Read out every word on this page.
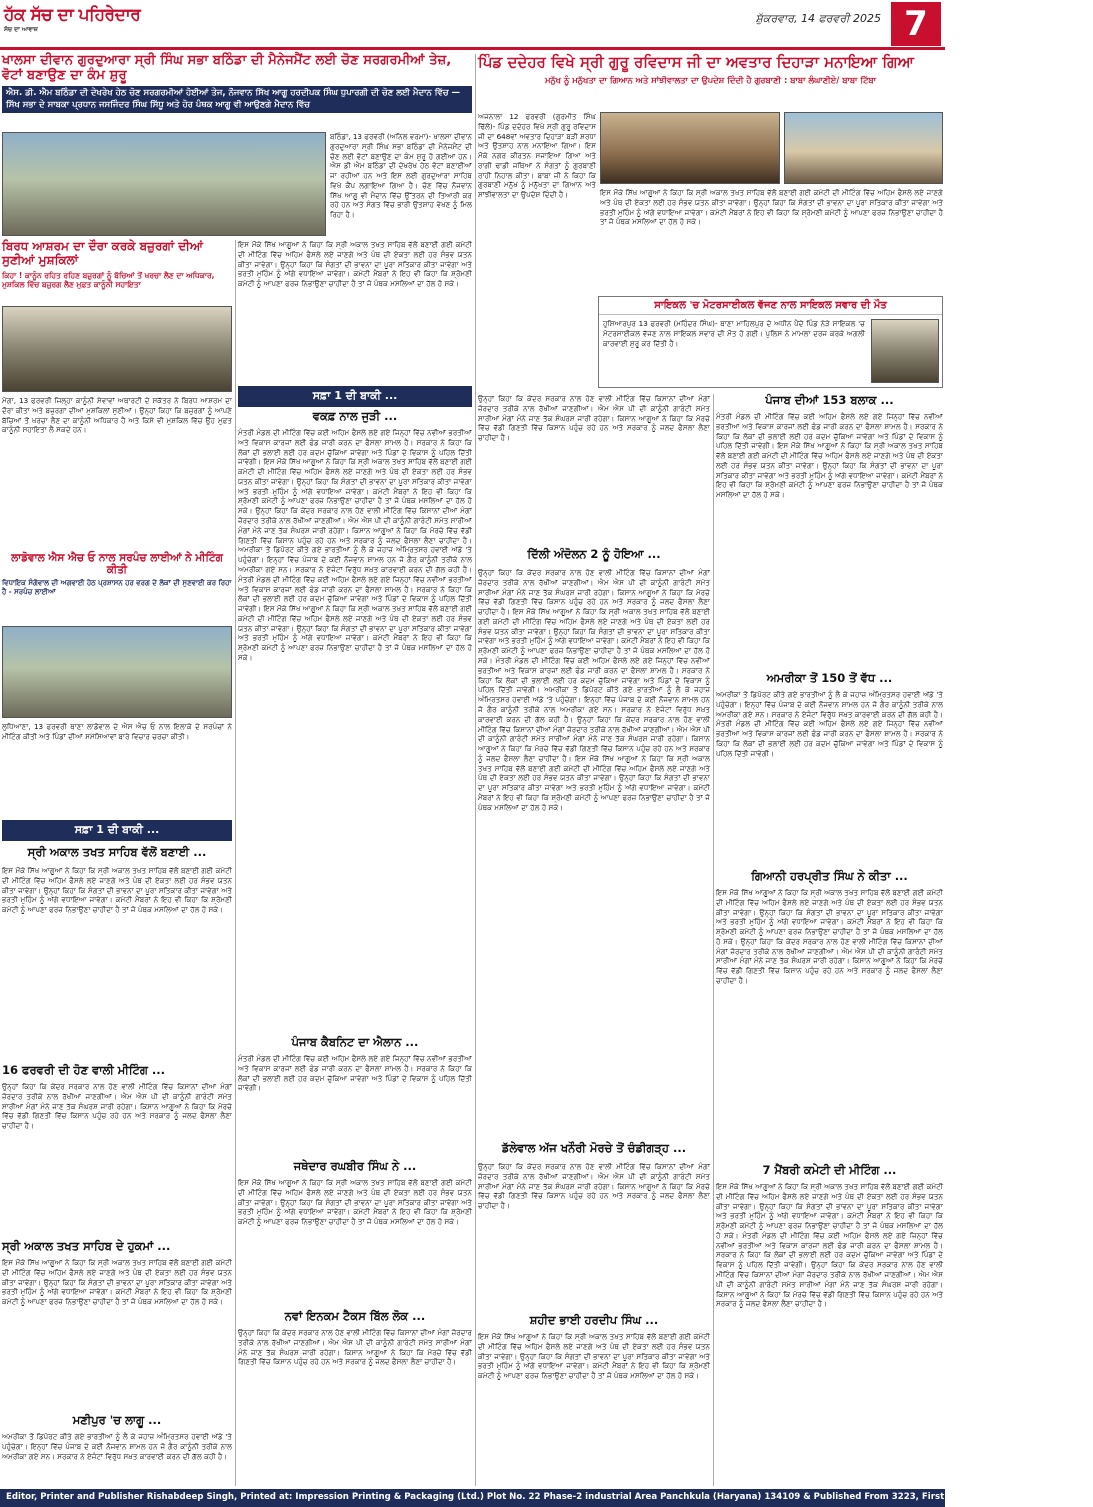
ਹੱਕ ਸੱਚ ਦਾ ਪਹਿਰੇਦਾਰ
ਸੱਚ ਦਾ ਆਵਾਜ਼
ਸ਼ੁੱਕਰਵਾਰ, 14 ਫਰਵਰੀ 2025 7
ਖਾਲਸਾ ਦੀਵਾਨ ਗੁਰਦੁਆਰਾ ਸ੍ਰੀ ਸਿੰਘ ਸਭਾ ਬਠਿੰਡਾ ਦੀ ਮੈਨੇਜਮੈਂਟ ਲਈ ਚੋਣ ਸਰਗਰਮੀਆਂ ਤੇਜ਼, ਵੋਟਾਂ ਬਣਾਉਣ ਦਾ ਕੰਮ ਸ਼ੁਰੂ
ਐਸ. ਡੀ. ਐਮ ਬਠਿੰਡਾ ਦੀ ਦੇਖਰੇਖ ਹੇਠ ਚੋਣ ਸਰਗਰਮੀਆਂ ਹੋਈਆਂ ਤੇਜ, ਨੌਜਵਾਨ ਸਿੱਖ ਆਗੂ ਹਰਦੀਪਕ ਸਿੰਘ ਧੁਪਾਰਗੀ ਦੀ ਚੋਣ ਲਈ ਮੈਦਾਨ ਵਿੱਚ — ਸਿੱਖ ਸਭਾ ਦੇ ਸਾਬਕਾ ਪ੍ਰਧਾਨ ਜਸਜਿੰਦਰ ਸਿੰਘ ਸਿੱਧੂ ਅਤੇ ਹੋਰ ਪੰਥਕ ਆਗੂ ਵੀ ਆਉਣਗੇ ਮੈਦਾਨ ਵਿੱਚ
ਬਠਿੰਡਾ, 13 ਫਰਵਰੀ (ਅਨਿਲ ਵਰਮਾ)- ਖਾਲਸਾ ਦੀਵਾਨ ਗੁਰਦੁਆਰਾ ਸ੍ਰੀ ਸਿੰਘ ਸਭਾ ਬਠਿੰਡਾ ਦੀ ਮੈਨੇਜਮੈਂਟ ਦੀ ਚੋਣ ਲਈ ਵੋਟਾਂ ਬਣਾਉਣ ਦਾ ਕੰਮ ਸ਼ੁਰੂ ਹੋ ਗਈਆਂ ਹਨ। ਐਸ ਡੀ ਐਮ ਬਠਿੰਡਾ ਦੀ ਦੇਖਰੇਖ ਹੇਠ ਵੋਟਾਂ ਬਣਾਈਆਂ ਜਾ ਰਹੀਆਂ ਹਨ ਅਤੇ ਇਸ ਲਈ ਗੁਰਦੁਆਰਾ ਸਾਹਿਬ ਵਿਖੇ ਕੈਂਪ ਲਗਾਇਆ ਗਿਆ ਹੈ। ਚੋਣ ਵਿੱਚ ਨੌਜਵਾਨ ਸਿੱਖ ਆਗੂ ਵੀ ਮੈਦਾਨ ਵਿੱਚ ਉੱਤਰਨ ਦੀ ਤਿਆਰੀ ਕਰ ਰਹੇ ਹਨ ਅਤੇ ਸੰਗਤ ਵਿੱਚ ਭਾਰੀ ਉਤਸ਼ਾਹ ਵੇਖਣ ਨੂੰ ਮਿਲ ਰਿਹਾ ਹੈ।
ਪਿੰਡ ਦਦੇਹਰ ਵਿਖੇ ਸ੍ਰੀ ਗੁਰੂ ਰਵਿਦਾਸ ਜੀ ਦਾ ਅਵਤਾਰ ਦਿਹਾੜਾ ਮਨਾਇਆ ਗਿਆ
ਮਨੁੱਖ ਨੂੰ ਮਨੁੱਖਤਾ ਦਾ ਗਿਆਨ ਅਤੇ ਸਾਂਝੀਵਾਲਤਾ ਦਾ ਉਪਦੇਸ਼ ਦਿੰਦੀ ਹੈ ਗੁਰਬਾਣੀ : ਬਾਬਾ ਲੰਘਾਣੀਏ/ ਬਾਬਾ ਟਿੱਬਾ
ਅਜਨਾਲਾ 12 ਫਰਵਰੀ (ਗੁਰਮੀਤ ਸਿੰਘ ਢਿੱਲੋਂ)- ਪਿੰਡ ਦਦੇਹਰ ਵਿਖੇ ਸ੍ਰੀ ਗੁਰੂ ਰਵਿਦਾਸ ਜੀ ਦਾ 648ਵਾਂ ਅਵਤਾਰ ਦਿਹਾੜਾ ਬੜੀ ਸ਼ਰਧਾ ਅਤੇ ਉਤਸ਼ਾਹ ਨਾਲ ਮਨਾਇਆ ਗਿਆ। ਇਸ ਮੌਕੇ ਨਗਰ ਕੀਰਤਨ ਸਜਾਇਆ ਗਿਆ ਅਤੇ ਰਾਗੀ ਢਾਡੀ ਜਥਿਆਂ ਨੇ ਸੰਗਤਾਂ ਨੂੰ ਗੁਰਬਾਣੀ ਰਾਹੀਂ ਨਿਹਾਲ ਕੀਤਾ। ਬਾਬਾ ਜੀ ਨੇ ਕਿਹਾ ਕਿ ਗੁਰਬਾਣੀ ਮਨੁੱਖ ਨੂੰ ਮਨੁੱਖਤਾ ਦਾ ਗਿਆਨ ਅਤੇ ਸਾਂਝੀਵਾਲਤਾ ਦਾ ਉਪਦੇਸ਼ ਦਿੰਦੀ ਹੈ।	ਇਸ ਮੌਕੇ ਸਿੱਖ ਆਗੂਆਂ ਨੇ ਕਿਹਾ ਕਿ ਸ੍ਰੀ ਅਕਾਲ ਤਖਤ ਸਾਹਿਬ ਵੱਲੋਂ ਬਣਾਈ ਗਈ ਕਮੇਟੀ ਦੀ ਮੀਟਿੰਗ ਵਿੱਚ ਅਹਿਮ ਫੈਸਲੇ ਲਏ ਜਾਣਗੇ ਅਤੇ ਪੰਥ ਦੀ ਏਕਤਾ ਲਈ ਹਰ ਸੰਭਵ ਯਤਨ ਕੀਤਾ ਜਾਵੇਗਾ। ਉਨ੍ਹਾਂ ਕਿਹਾ ਕਿ ਸੰਗਤਾਂ ਦੀ ਭਾਵਨਾ ਦਾ ਪੂਰਾ ਸਤਿਕਾਰ ਕੀਤਾ ਜਾਵੇਗਾ ਅਤੇ ਭਰਤੀ ਮੁਹਿੰਮ ਨੂੰ ਅੱਗੇ ਵਧਾਇਆ ਜਾਵੇਗਾ। ਕਮੇਟੀ ਮੈਂਬਰਾਂ ਨੇ ਇਹ ਵੀ ਕਿਹਾ ਕਿ ਸ਼੍ਰੋਮਣੀ ਕਮੇਟੀ ਨੂੰ ਆਪਣਾ ਫਰਜ਼ ਨਿਭਾਉਣਾ ਚਾਹੀਦਾ ਹੈ ਤਾਂ ਜੋ ਪੰਥਕ ਮਸਲਿਆਂ ਦਾ ਹੱਲ ਹੋ ਸਕੇ।
ਸਾਇਕਲ 'ਚ ਮੋਟਰਸਾਈਕਲ ਵੱਜਣ ਨਾਲ ਸਾਇਕਲ ਸਵਾਰ ਦੀ ਮੌਤ
ਹੁਸ਼ਿਆਰਪੁਰ 13 ਫਰਵਰੀ (ਮਹਿੰਦਰ ਸਿੰਘ)- ਥਾਣਾ ਮਾਹਿਲਪੁਰ ਦੇ ਅਧੀਨ ਪੈਂਦੇ ਪਿੰਡ ਨੇੜੇ ਸਾਇਕਲ 'ਚ ਮੋਟਰਸਾਈਕਲ ਵੱਜਣ ਨਾਲ ਸਾਇਕਲ ਸਵਾਰ ਦੀ ਮੌਤ ਹੋ ਗਈ। ਪੁਲਿਸ ਨੇ ਮਾਮਲਾ ਦਰਜ ਕਰਕੇ ਅਗਲੀ ਕਾਰਵਾਈ ਸ਼ੁਰੂ ਕਰ ਦਿੱਤੀ ਹੈ।
ਬਿਰਧ ਆਸ਼ਰਮ ਦਾ ਦੌਰਾ ਕਰਕੇ ਬਜ਼ੁਰਗਾਂ ਦੀਆਂ ਸੁਣੀਆਂ ਮੁਸ਼ਕਿਲਾਂ
ਕਿਹਾ ! ਕਾਨੂੰਨ ਰਹਿਤ ਰਹਿਣ ਬਜ਼ੁਰਗਾਂ ਨੂੰ ਬੱਚਿਆਂ ਤੋਂ ਖਰਚਾ ਲੈਣ ਦਾ ਅਧਿਕਾਰ, ਮੁਸ਼ਕਿਲ ਵਿੱਚ ਬਜ਼ੁਰਗ ਲੈਣ ਮੁਫ਼ਤ ਕਾਨੂੰਨੀ ਸਹਾਇਤਾ
ਮੋਗਾ, 13 ਫਰਵਰੀ ਜਿਲ੍ਹਾ ਕਾਨੂੰਨੀ ਸੇਵਾਵਾਂ ਅਥਾਰਟੀ ਦੇ ਸਕੱਤਰ ਨੇ ਬਿਰਧ ਆਸ਼ਰਮ ਦਾ ਦੌਰਾ ਕੀਤਾ ਅਤੇ ਬਜ਼ੁਰਗਾਂ ਦੀਆਂ ਮੁਸ਼ਕਿਲਾਂ ਸੁਣੀਆਂ। ਉਨ੍ਹਾਂ ਕਿਹਾ ਕਿ ਬਜ਼ੁਰਗਾਂ ਨੂੰ ਆਪਣੇ ਬੱਚਿਆਂ ਤੋਂ ਖਰਚਾ ਲੈਣ ਦਾ ਕਾਨੂੰਨੀ ਅਧਿਕਾਰ ਹੈ ਅਤੇ ਕਿਸੇ ਵੀ ਮੁਸ਼ਕਿਲ ਵਿੱਚ ਉਹ ਮੁਫ਼ਤ ਕਾਨੂੰਨੀ ਸਹਾਇਤਾ ਲੈ ਸਕਦੇ ਹਨ।
ਲਾਡੋਵਾਲ ਐਸ ਐਚ ਓ ਨਾਲ ਸਰਪੰਚ ਲਾਈਆਂ ਨੇ ਮੀਟਿੰਗ ਕੀਤੀ
ਵਿਧਾਇਕ ਸੰਗੋਵਾਲ ਦੀ ਅਗਵਾਈ ਹੇਠ ਪ੍ਰਸ਼ਾਸਨ ਹਰ ਵਰਗ ਦੇ ਲੋਕਾਂ ਦੀ ਸੁਣਵਾਈ ਕਰ ਰਿਹਾ ਹੈ - ਸਰਪੰਚ ਲਾਈਆਂ
ਲੁਧਿਆਣਾ, 13 ਫਰਵਰੀ ਥਾਣਾ ਲਾਡੋਵਾਲ ਦੇ ਐਸ ਐਚ ਓ ਨਾਲ ਇਲਾਕੇ ਦੇ ਸਰਪੰਚਾਂ ਨੇ ਮੀਟਿੰਗ ਕੀਤੀ ਅਤੇ ਪਿੰਡਾਂ ਦੀਆਂ ਸਮੱਸਿਆਵਾਂ ਬਾਰੇ ਵਿਚਾਰ ਚਰਚਾ ਕੀਤੀ।
ਸਫ਼ਾ 1 ਦੀ ਬਾਕੀ ...
ਸ੍ਰੀ ਅਕਾਲ ਤਖਤ ਸਾਹਿਬ ਵੱਲੋਂ ਬਣਾਈ ...
ਇਸ ਮੌਕੇ ਸਿੱਖ ਆਗੂਆਂ ਨੇ ਕਿਹਾ ਕਿ ਸ੍ਰੀ ਅਕਾਲ ਤਖਤ ਸਾਹਿਬ ਵੱਲੋਂ ਬਣਾਈ ਗਈ ਕਮੇਟੀ ਦੀ ਮੀਟਿੰਗ ਵਿੱਚ ਅਹਿਮ ਫੈਸਲੇ ਲਏ ਜਾਣਗੇ ਅਤੇ ਪੰਥ ਦੀ ਏਕਤਾ ਲਈ ਹਰ ਸੰਭਵ ਯਤਨ ਕੀਤਾ ਜਾਵੇਗਾ। ਉਨ੍ਹਾਂ ਕਿਹਾ ਕਿ ਸੰਗਤਾਂ ਦੀ ਭਾਵਨਾ ਦਾ ਪੂਰਾ ਸਤਿਕਾਰ ਕੀਤਾ ਜਾਵੇਗਾ ਅਤੇ ਭਰਤੀ ਮੁਹਿੰਮ ਨੂੰ ਅੱਗੇ ਵਧਾਇਆ ਜਾਵੇਗਾ। ਕਮੇਟੀ ਮੈਂਬਰਾਂ ਨੇ ਇਹ ਵੀ ਕਿਹਾ ਕਿ ਸ਼੍ਰੋਮਣੀ ਕਮੇਟੀ ਨੂੰ ਆਪਣਾ ਫਰਜ਼ ਨਿਭਾਉਣਾ ਚਾਹੀਦਾ ਹੈ ਤਾਂ ਜੋ ਪੰਥਕ ਮਸਲਿਆਂ ਦਾ ਹੱਲ ਹੋ ਸਕੇ।
16 ਫਰਵਰੀ ਦੀ ਹੋਣ ਵਾਲੀ ਮੀਟਿੰਗ ...
ਉਨ੍ਹਾਂ ਕਿਹਾ ਕਿ ਕੇਂਦਰ ਸਰਕਾਰ ਨਾਲ ਹੋਣ ਵਾਲੀ ਮੀਟਿੰਗ ਵਿੱਚ ਕਿਸਾਨਾਂ ਦੀਆਂ ਮੰਗਾਂ ਜ਼ੋਰਦਾਰ ਤਰੀਕੇ ਨਾਲ ਰੱਖੀਆਂ ਜਾਣਗੀਆਂ। ਐਮ ਐਸ ਪੀ ਦੀ ਕਾਨੂੰਨੀ ਗਾਰੰਟੀ ਸਮੇਤ ਸਾਰੀਆਂ ਮੰਗਾਂ ਮੰਨੇ ਜਾਣ ਤੱਕ ਸੰਘਰਸ਼ ਜਾਰੀ ਰਹੇਗਾ। ਕਿਸਾਨ ਆਗੂਆਂ ਨੇ ਕਿਹਾ ਕਿ ਮੋਰਚੇ ਵਿੱਚ ਵੱਡੀ ਗਿਣਤੀ ਵਿੱਚ ਕਿਸਾਨ ਪਹੁੰਚ ਰਹੇ ਹਨ ਅਤੇ ਸਰਕਾਰ ਨੂੰ ਜਲਦ ਫੈਸਲਾ ਲੈਣਾ ਚਾਹੀਦਾ ਹੈ।
ਸ੍ਰੀ ਅਕਾਲ ਤਖਤ ਸਾਹਿਬ ਦੇ ਹੁਕਮਾਂ ...
ਇਸ ਮੌਕੇ ਸਿੱਖ ਆਗੂਆਂ ਨੇ ਕਿਹਾ ਕਿ ਸ੍ਰੀ ਅਕਾਲ ਤਖਤ ਸਾਹਿਬ ਵੱਲੋਂ ਬਣਾਈ ਗਈ ਕਮੇਟੀ ਦੀ ਮੀਟਿੰਗ ਵਿੱਚ ਅਹਿਮ ਫੈਸਲੇ ਲਏ ਜਾਣਗੇ ਅਤੇ ਪੰਥ ਦੀ ਏਕਤਾ ਲਈ ਹਰ ਸੰਭਵ ਯਤਨ ਕੀਤਾ ਜਾਵੇਗਾ। ਉਨ੍ਹਾਂ ਕਿਹਾ ਕਿ ਸੰਗਤਾਂ ਦੀ ਭਾਵਨਾ ਦਾ ਪੂਰਾ ਸਤਿਕਾਰ ਕੀਤਾ ਜਾਵੇਗਾ ਅਤੇ ਭਰਤੀ ਮੁਹਿੰਮ ਨੂੰ ਅੱਗੇ ਵਧਾਇਆ ਜਾਵੇਗਾ। ਕਮੇਟੀ ਮੈਂਬਰਾਂ ਨੇ ਇਹ ਵੀ ਕਿਹਾ ਕਿ ਸ਼੍ਰੋਮਣੀ ਕਮੇਟੀ ਨੂੰ ਆਪਣਾ ਫਰਜ਼ ਨਿਭਾਉਣਾ ਚਾਹੀਦਾ ਹੈ ਤਾਂ ਜੋ ਪੰਥਕ ਮਸਲਿਆਂ ਦਾ ਹੱਲ ਹੋ ਸਕੇ।
ਮਣੀਪੁਰ 'ਚ ਲਾਗੂ ...
ਅਮਰੀਕਾ ਤੋਂ ਡਿਪੋਰਟ ਕੀਤੇ ਗਏ ਭਾਰਤੀਆਂ ਨੂੰ ਲੈ ਕੇ ਜਹਾਜ਼ ਅੰਮ੍ਰਿਤਸਰ ਹਵਾਈ ਅੱਡੇ 'ਤੇ ਪਹੁੰਚੇਗਾ। ਇਨ੍ਹਾਂ ਵਿੱਚ ਪੰਜਾਬ ਦੇ ਕਈ ਨੌਜਵਾਨ ਸ਼ਾਮਲ ਹਨ ਜੋ ਗੈਰ ਕਾਨੂੰਨੀ ਤਰੀਕੇ ਨਾਲ ਅਮਰੀਕਾ ਗਏ ਸਨ। ਸਰਕਾਰ ਨੇ ਏਜੰਟਾਂ ਵਿਰੁੱਧ ਸਖ਼ਤ ਕਾਰਵਾਈ ਕਰਨ ਦੀ ਗੱਲ ਕਹੀ ਹੈ।
ਇਸ ਮੌਕੇ ਸਿੱਖ ਆਗੂਆਂ ਨੇ ਕਿਹਾ ਕਿ ਸ੍ਰੀ ਅਕਾਲ ਤਖਤ ਸਾਹਿਬ ਵੱਲੋਂ ਬਣਾਈ ਗਈ ਕਮੇਟੀ ਦੀ ਮੀਟਿੰਗ ਵਿੱਚ ਅਹਿਮ ਫੈਸਲੇ ਲਏ ਜਾਣਗੇ ਅਤੇ ਪੰਥ ਦੀ ਏਕਤਾ ਲਈ ਹਰ ਸੰਭਵ ਯਤਨ ਕੀਤਾ ਜਾਵੇਗਾ। ਉਨ੍ਹਾਂ ਕਿਹਾ ਕਿ ਸੰਗਤਾਂ ਦੀ ਭਾਵਨਾ ਦਾ ਪੂਰਾ ਸਤਿਕਾਰ ਕੀਤਾ ਜਾਵੇਗਾ ਅਤੇ ਭਰਤੀ ਮੁਹਿੰਮ ਨੂੰ ਅੱਗੇ ਵਧਾਇਆ ਜਾਵੇਗਾ। ਕਮੇਟੀ ਮੈਂਬਰਾਂ ਨੇ ਇਹ ਵੀ ਕਿਹਾ ਕਿ ਸ਼੍ਰੋਮਣੀ ਕਮੇਟੀ ਨੂੰ ਆਪਣਾ ਫਰਜ਼ ਨਿਭਾਉਣਾ ਚਾਹੀਦਾ ਹੈ ਤਾਂ ਜੋ ਪੰਥਕ ਮਸਲਿਆਂ ਦਾ ਹੱਲ ਹੋ ਸਕੇ।
ਸਫ਼ਾ 1 ਦੀ ਬਾਕੀ ...
ਵਕਫ਼ ਨਾਲ ਜੁੜੀ ...
ਮੰਤਰੀ ਮੰਡਲ ਦੀ ਮੀਟਿੰਗ ਵਿੱਚ ਕਈ ਅਹਿਮ ਫੈਸਲੇ ਲਏ ਗਏ ਜਿਨ੍ਹਾਂ ਵਿੱਚ ਨਵੀਆਂ ਭਰਤੀਆਂ ਅਤੇ ਵਿਕਾਸ ਕਾਰਜਾਂ ਲਈ ਫੰਡ ਜਾਰੀ ਕਰਨ ਦਾ ਫੈਸਲਾ ਸ਼ਾਮਲ ਹੈ। ਸਰਕਾਰ ਨੇ ਕਿਹਾ ਕਿ ਲੋਕਾਂ ਦੀ ਭਲਾਈ ਲਈ ਹਰ ਕਦਮ ਚੁੱਕਿਆ ਜਾਵੇਗਾ ਅਤੇ ਪਿੰਡਾਂ ਦੇ ਵਿਕਾਸ ਨੂੰ ਪਹਿਲ ਦਿੱਤੀ ਜਾਵੇਗੀ। ਇਸ ਮੌਕੇ ਸਿੱਖ ਆਗੂਆਂ ਨੇ ਕਿਹਾ ਕਿ ਸ੍ਰੀ ਅਕਾਲ ਤਖਤ ਸਾਹਿਬ ਵੱਲੋਂ ਬਣਾਈ ਗਈ ਕਮੇਟੀ ਦੀ ਮੀਟਿੰਗ ਵਿੱਚ ਅਹਿਮ ਫੈਸਲੇ ਲਏ ਜਾਣਗੇ ਅਤੇ ਪੰਥ ਦੀ ਏਕਤਾ ਲਈ ਹਰ ਸੰਭਵ ਯਤਨ ਕੀਤਾ ਜਾਵੇਗਾ। ਉਨ੍ਹਾਂ ਕਿਹਾ ਕਿ ਸੰਗਤਾਂ ਦੀ ਭਾਵਨਾ ਦਾ ਪੂਰਾ ਸਤਿਕਾਰ ਕੀਤਾ ਜਾਵੇਗਾ ਅਤੇ ਭਰਤੀ ਮੁਹਿੰਮ ਨੂੰ ਅੱਗੇ ਵਧਾਇਆ ਜਾਵੇਗਾ। ਕਮੇਟੀ ਮੈਂਬਰਾਂ ਨੇ ਇਹ ਵੀ ਕਿਹਾ ਕਿ ਸ਼੍ਰੋਮਣੀ ਕਮੇਟੀ ਨੂੰ ਆਪਣਾ ਫਰਜ਼ ਨਿਭਾਉਣਾ ਚਾਹੀਦਾ ਹੈ ਤਾਂ ਜੋ ਪੰਥਕ ਮਸਲਿਆਂ ਦਾ ਹੱਲ ਹੋ ਸਕੇ। ਉਨ੍ਹਾਂ ਕਿਹਾ ਕਿ ਕੇਂਦਰ ਸਰਕਾਰ ਨਾਲ ਹੋਣ ਵਾਲੀ ਮੀਟਿੰਗ ਵਿੱਚ ਕਿਸਾਨਾਂ ਦੀਆਂ ਮੰਗਾਂ ਜ਼ੋਰਦਾਰ ਤਰੀਕੇ ਨਾਲ ਰੱਖੀਆਂ ਜਾਣਗੀਆਂ। ਐਮ ਐਸ ਪੀ ਦੀ ਕਾਨੂੰਨੀ ਗਾਰੰਟੀ ਸਮੇਤ ਸਾਰੀਆਂ ਮੰਗਾਂ ਮੰਨੇ ਜਾਣ ਤੱਕ ਸੰਘਰਸ਼ ਜਾਰੀ ਰਹੇਗਾ। ਕਿਸਾਨ ਆਗੂਆਂ ਨੇ ਕਿਹਾ ਕਿ ਮੋਰਚੇ ਵਿੱਚ ਵੱਡੀ ਗਿਣਤੀ ਵਿੱਚ ਕਿਸਾਨ ਪਹੁੰਚ ਰਹੇ ਹਨ ਅਤੇ ਸਰਕਾਰ ਨੂੰ ਜਲਦ ਫੈਸਲਾ ਲੈਣਾ ਚਾਹੀਦਾ ਹੈ। ਅਮਰੀਕਾ ਤੋਂ ਡਿਪੋਰਟ ਕੀਤੇ ਗਏ ਭਾਰਤੀਆਂ ਨੂੰ ਲੈ ਕੇ ਜਹਾਜ਼ ਅੰਮ੍ਰਿਤਸਰ ਹਵਾਈ ਅੱਡੇ 'ਤੇ ਪਹੁੰਚੇਗਾ। ਇਨ੍ਹਾਂ ਵਿੱਚ ਪੰਜਾਬ ਦੇ ਕਈ ਨੌਜਵਾਨ ਸ਼ਾਮਲ ਹਨ ਜੋ ਗੈਰ ਕਾਨੂੰਨੀ ਤਰੀਕੇ ਨਾਲ ਅਮਰੀਕਾ ਗਏ ਸਨ। ਸਰਕਾਰ ਨੇ ਏਜੰਟਾਂ ਵਿਰੁੱਧ ਸਖ਼ਤ ਕਾਰਵਾਈ ਕਰਨ ਦੀ ਗੱਲ ਕਹੀ ਹੈ। ਮੰਤਰੀ ਮੰਡਲ ਦੀ ਮੀਟਿੰਗ ਵਿੱਚ ਕਈ ਅਹਿਮ ਫੈਸਲੇ ਲਏ ਗਏ ਜਿਨ੍ਹਾਂ ਵਿੱਚ ਨਵੀਆਂ ਭਰਤੀਆਂ ਅਤੇ ਵਿਕਾਸ ਕਾਰਜਾਂ ਲਈ ਫੰਡ ਜਾਰੀ ਕਰਨ ਦਾ ਫੈਸਲਾ ਸ਼ਾਮਲ ਹੈ। ਸਰਕਾਰ ਨੇ ਕਿਹਾ ਕਿ ਲੋਕਾਂ ਦੀ ਭਲਾਈ ਲਈ ਹਰ ਕਦਮ ਚੁੱਕਿਆ ਜਾਵੇਗਾ ਅਤੇ ਪਿੰਡਾਂ ਦੇ ਵਿਕਾਸ ਨੂੰ ਪਹਿਲ ਦਿੱਤੀ ਜਾਵੇਗੀ। ਇਸ ਮੌਕੇ ਸਿੱਖ ਆਗੂਆਂ ਨੇ ਕਿਹਾ ਕਿ ਸ੍ਰੀ ਅਕਾਲ ਤਖਤ ਸਾਹਿਬ ਵੱਲੋਂ ਬਣਾਈ ਗਈ ਕਮੇਟੀ ਦੀ ਮੀਟਿੰਗ ਵਿੱਚ ਅਹਿਮ ਫੈਸਲੇ ਲਏ ਜਾਣਗੇ ਅਤੇ ਪੰਥ ਦੀ ਏਕਤਾ ਲਈ ਹਰ ਸੰਭਵ ਯਤਨ ਕੀਤਾ ਜਾਵੇਗਾ। ਉਨ੍ਹਾਂ ਕਿਹਾ ਕਿ ਸੰਗਤਾਂ ਦੀ ਭਾਵਨਾ ਦਾ ਪੂਰਾ ਸਤਿਕਾਰ ਕੀਤਾ ਜਾਵੇਗਾ ਅਤੇ ਭਰਤੀ ਮੁਹਿੰਮ ਨੂੰ ਅੱਗੇ ਵਧਾਇਆ ਜਾਵੇਗਾ। ਕਮੇਟੀ ਮੈਂਬਰਾਂ ਨੇ ਇਹ ਵੀ ਕਿਹਾ ਕਿ ਸ਼੍ਰੋਮਣੀ ਕਮੇਟੀ ਨੂੰ ਆਪਣਾ ਫਰਜ਼ ਨਿਭਾਉਣਾ ਚਾਹੀਦਾ ਹੈ ਤਾਂ ਜੋ ਪੰਥਕ ਮਸਲਿਆਂ ਦਾ ਹੱਲ ਹੋ ਸਕੇ।
ਪੰਜਾਬ ਕੈਬਨਿਟ ਦਾ ਐਲਾਨ ...
ਮੰਤਰੀ ਮੰਡਲ ਦੀ ਮੀਟਿੰਗ ਵਿੱਚ ਕਈ ਅਹਿਮ ਫੈਸਲੇ ਲਏ ਗਏ ਜਿਨ੍ਹਾਂ ਵਿੱਚ ਨਵੀਆਂ ਭਰਤੀਆਂ ਅਤੇ ਵਿਕਾਸ ਕਾਰਜਾਂ ਲਈ ਫੰਡ ਜਾਰੀ ਕਰਨ ਦਾ ਫੈਸਲਾ ਸ਼ਾਮਲ ਹੈ। ਸਰਕਾਰ ਨੇ ਕਿਹਾ ਕਿ ਲੋਕਾਂ ਦੀ ਭਲਾਈ ਲਈ ਹਰ ਕਦਮ ਚੁੱਕਿਆ ਜਾਵੇਗਾ ਅਤੇ ਪਿੰਡਾਂ ਦੇ ਵਿਕਾਸ ਨੂੰ ਪਹਿਲ ਦਿੱਤੀ ਜਾਵੇਗੀ।
ਜਥੇਦਾਰ ਰਘਬੀਰ ਸਿੰਘ ਨੇ ...
ਇਸ ਮੌਕੇ ਸਿੱਖ ਆਗੂਆਂ ਨੇ ਕਿਹਾ ਕਿ ਸ੍ਰੀ ਅਕਾਲ ਤਖਤ ਸਾਹਿਬ ਵੱਲੋਂ ਬਣਾਈ ਗਈ ਕਮੇਟੀ ਦੀ ਮੀਟਿੰਗ ਵਿੱਚ ਅਹਿਮ ਫੈਸਲੇ ਲਏ ਜਾਣਗੇ ਅਤੇ ਪੰਥ ਦੀ ਏਕਤਾ ਲਈ ਹਰ ਸੰਭਵ ਯਤਨ ਕੀਤਾ ਜਾਵੇਗਾ। ਉਨ੍ਹਾਂ ਕਿਹਾ ਕਿ ਸੰਗਤਾਂ ਦੀ ਭਾਵਨਾ ਦਾ ਪੂਰਾ ਸਤਿਕਾਰ ਕੀਤਾ ਜਾਵੇਗਾ ਅਤੇ ਭਰਤੀ ਮੁਹਿੰਮ ਨੂੰ ਅੱਗੇ ਵਧਾਇਆ ਜਾਵੇਗਾ। ਕਮੇਟੀ ਮੈਂਬਰਾਂ ਨੇ ਇਹ ਵੀ ਕਿਹਾ ਕਿ ਸ਼੍ਰੋਮਣੀ ਕਮੇਟੀ ਨੂੰ ਆਪਣਾ ਫਰਜ਼ ਨਿਭਾਉਣਾ ਚਾਹੀਦਾ ਹੈ ਤਾਂ ਜੋ ਪੰਥਕ ਮਸਲਿਆਂ ਦਾ ਹੱਲ ਹੋ ਸਕੇ।
ਨਵਾਂ ਇਨਕਮ ਟੈਕਸ ਬਿੱਲ ਲੋਕ ...
ਉਨ੍ਹਾਂ ਕਿਹਾ ਕਿ ਕੇਂਦਰ ਸਰਕਾਰ ਨਾਲ ਹੋਣ ਵਾਲੀ ਮੀਟਿੰਗ ਵਿੱਚ ਕਿਸਾਨਾਂ ਦੀਆਂ ਮੰਗਾਂ ਜ਼ੋਰਦਾਰ ਤਰੀਕੇ ਨਾਲ ਰੱਖੀਆਂ ਜਾਣਗੀਆਂ। ਐਮ ਐਸ ਪੀ ਦੀ ਕਾਨੂੰਨੀ ਗਾਰੰਟੀ ਸਮੇਤ ਸਾਰੀਆਂ ਮੰਗਾਂ ਮੰਨੇ ਜਾਣ ਤੱਕ ਸੰਘਰਸ਼ ਜਾਰੀ ਰਹੇਗਾ। ਕਿਸਾਨ ਆਗੂਆਂ ਨੇ ਕਿਹਾ ਕਿ ਮੋਰਚੇ ਵਿੱਚ ਵੱਡੀ ਗਿਣਤੀ ਵਿੱਚ ਕਿਸਾਨ ਪਹੁੰਚ ਰਹੇ ਹਨ ਅਤੇ ਸਰਕਾਰ ਨੂੰ ਜਲਦ ਫੈਸਲਾ ਲੈਣਾ ਚਾਹੀਦਾ ਹੈ।
ਉਨ੍ਹਾਂ ਕਿਹਾ ਕਿ ਕੇਂਦਰ ਸਰਕਾਰ ਨਾਲ ਹੋਣ ਵਾਲੀ ਮੀਟਿੰਗ ਵਿੱਚ ਕਿਸਾਨਾਂ ਦੀਆਂ ਮੰਗਾਂ ਜ਼ੋਰਦਾਰ ਤਰੀਕੇ ਨਾਲ ਰੱਖੀਆਂ ਜਾਣਗੀਆਂ। ਐਮ ਐਸ ਪੀ ਦੀ ਕਾਨੂੰਨੀ ਗਾਰੰਟੀ ਸਮੇਤ ਸਾਰੀਆਂ ਮੰਗਾਂ ਮੰਨੇ ਜਾਣ ਤੱਕ ਸੰਘਰਸ਼ ਜਾਰੀ ਰਹੇਗਾ। ਕਿਸਾਨ ਆਗੂਆਂ ਨੇ ਕਿਹਾ ਕਿ ਮੋਰਚੇ ਵਿੱਚ ਵੱਡੀ ਗਿਣਤੀ ਵਿੱਚ ਕਿਸਾਨ ਪਹੁੰਚ ਰਹੇ ਹਨ ਅਤੇ ਸਰਕਾਰ ਨੂੰ ਜਲਦ ਫੈਸਲਾ ਲੈਣਾ ਚਾਹੀਦਾ ਹੈ।
ਦਿੱਲੀ ਅੰਦੋਲਨ 2 ਨੂੰ ਹੋਇਆ ...
ਉਨ੍ਹਾਂ ਕਿਹਾ ਕਿ ਕੇਂਦਰ ਸਰਕਾਰ ਨਾਲ ਹੋਣ ਵਾਲੀ ਮੀਟਿੰਗ ਵਿੱਚ ਕਿਸਾਨਾਂ ਦੀਆਂ ਮੰਗਾਂ ਜ਼ੋਰਦਾਰ ਤਰੀਕੇ ਨਾਲ ਰੱਖੀਆਂ ਜਾਣਗੀਆਂ। ਐਮ ਐਸ ਪੀ ਦੀ ਕਾਨੂੰਨੀ ਗਾਰੰਟੀ ਸਮੇਤ ਸਾਰੀਆਂ ਮੰਗਾਂ ਮੰਨੇ ਜਾਣ ਤੱਕ ਸੰਘਰਸ਼ ਜਾਰੀ ਰਹੇਗਾ। ਕਿਸਾਨ ਆਗੂਆਂ ਨੇ ਕਿਹਾ ਕਿ ਮੋਰਚੇ ਵਿੱਚ ਵੱਡੀ ਗਿਣਤੀ ਵਿੱਚ ਕਿਸਾਨ ਪਹੁੰਚ ਰਹੇ ਹਨ ਅਤੇ ਸਰਕਾਰ ਨੂੰ ਜਲਦ ਫੈਸਲਾ ਲੈਣਾ ਚਾਹੀਦਾ ਹੈ। ਇਸ ਮੌਕੇ ਸਿੱਖ ਆਗੂਆਂ ਨੇ ਕਿਹਾ ਕਿ ਸ੍ਰੀ ਅਕਾਲ ਤਖਤ ਸਾਹਿਬ ਵੱਲੋਂ ਬਣਾਈ ਗਈ ਕਮੇਟੀ ਦੀ ਮੀਟਿੰਗ ਵਿੱਚ ਅਹਿਮ ਫੈਸਲੇ ਲਏ ਜਾਣਗੇ ਅਤੇ ਪੰਥ ਦੀ ਏਕਤਾ ਲਈ ਹਰ ਸੰਭਵ ਯਤਨ ਕੀਤਾ ਜਾਵੇਗਾ। ਉਨ੍ਹਾਂ ਕਿਹਾ ਕਿ ਸੰਗਤਾਂ ਦੀ ਭਾਵਨਾ ਦਾ ਪੂਰਾ ਸਤਿਕਾਰ ਕੀਤਾ ਜਾਵੇਗਾ ਅਤੇ ਭਰਤੀ ਮੁਹਿੰਮ ਨੂੰ ਅੱਗੇ ਵਧਾਇਆ ਜਾਵੇਗਾ। ਕਮੇਟੀ ਮੈਂਬਰਾਂ ਨੇ ਇਹ ਵੀ ਕਿਹਾ ਕਿ ਸ਼੍ਰੋਮਣੀ ਕਮੇਟੀ ਨੂੰ ਆਪਣਾ ਫਰਜ਼ ਨਿਭਾਉਣਾ ਚਾਹੀਦਾ ਹੈ ਤਾਂ ਜੋ ਪੰਥਕ ਮਸਲਿਆਂ ਦਾ ਹੱਲ ਹੋ ਸਕੇ। ਮੰਤਰੀ ਮੰਡਲ ਦੀ ਮੀਟਿੰਗ ਵਿੱਚ ਕਈ ਅਹਿਮ ਫੈਸਲੇ ਲਏ ਗਏ ਜਿਨ੍ਹਾਂ ਵਿੱਚ ਨਵੀਆਂ ਭਰਤੀਆਂ ਅਤੇ ਵਿਕਾਸ ਕਾਰਜਾਂ ਲਈ ਫੰਡ ਜਾਰੀ ਕਰਨ ਦਾ ਫੈਸਲਾ ਸ਼ਾਮਲ ਹੈ। ਸਰਕਾਰ ਨੇ ਕਿਹਾ ਕਿ ਲੋਕਾਂ ਦੀ ਭਲਾਈ ਲਈ ਹਰ ਕਦਮ ਚੁੱਕਿਆ ਜਾਵੇਗਾ ਅਤੇ ਪਿੰਡਾਂ ਦੇ ਵਿਕਾਸ ਨੂੰ ਪਹਿਲ ਦਿੱਤੀ ਜਾਵੇਗੀ। ਅਮਰੀਕਾ ਤੋਂ ਡਿਪੋਰਟ ਕੀਤੇ ਗਏ ਭਾਰਤੀਆਂ ਨੂੰ ਲੈ ਕੇ ਜਹਾਜ਼ ਅੰਮ੍ਰਿਤਸਰ ਹਵਾਈ ਅੱਡੇ 'ਤੇ ਪਹੁੰਚੇਗਾ। ਇਨ੍ਹਾਂ ਵਿੱਚ ਪੰਜਾਬ ਦੇ ਕਈ ਨੌਜਵਾਨ ਸ਼ਾਮਲ ਹਨ ਜੋ ਗੈਰ ਕਾਨੂੰਨੀ ਤਰੀਕੇ ਨਾਲ ਅਮਰੀਕਾ ਗਏ ਸਨ। ਸਰਕਾਰ ਨੇ ਏਜੰਟਾਂ ਵਿਰੁੱਧ ਸਖ਼ਤ ਕਾਰਵਾਈ ਕਰਨ ਦੀ ਗੱਲ ਕਹੀ ਹੈ। ਉਨ੍ਹਾਂ ਕਿਹਾ ਕਿ ਕੇਂਦਰ ਸਰਕਾਰ ਨਾਲ ਹੋਣ ਵਾਲੀ ਮੀਟਿੰਗ ਵਿੱਚ ਕਿਸਾਨਾਂ ਦੀਆਂ ਮੰਗਾਂ ਜ਼ੋਰਦਾਰ ਤਰੀਕੇ ਨਾਲ ਰੱਖੀਆਂ ਜਾਣਗੀਆਂ। ਐਮ ਐਸ ਪੀ ਦੀ ਕਾਨੂੰਨੀ ਗਾਰੰਟੀ ਸਮੇਤ ਸਾਰੀਆਂ ਮੰਗਾਂ ਮੰਨੇ ਜਾਣ ਤੱਕ ਸੰਘਰਸ਼ ਜਾਰੀ ਰਹੇਗਾ। ਕਿਸਾਨ ਆਗੂਆਂ ਨੇ ਕਿਹਾ ਕਿ ਮੋਰਚੇ ਵਿੱਚ ਵੱਡੀ ਗਿਣਤੀ ਵਿੱਚ ਕਿਸਾਨ ਪਹੁੰਚ ਰਹੇ ਹਨ ਅਤੇ ਸਰਕਾਰ ਨੂੰ ਜਲਦ ਫੈਸਲਾ ਲੈਣਾ ਚਾਹੀਦਾ ਹੈ। ਇਸ ਮੌਕੇ ਸਿੱਖ ਆਗੂਆਂ ਨੇ ਕਿਹਾ ਕਿ ਸ੍ਰੀ ਅਕਾਲ ਤਖਤ ਸਾਹਿਬ ਵੱਲੋਂ ਬਣਾਈ ਗਈ ਕਮੇਟੀ ਦੀ ਮੀਟਿੰਗ ਵਿੱਚ ਅਹਿਮ ਫੈਸਲੇ ਲਏ ਜਾਣਗੇ ਅਤੇ ਪੰਥ ਦੀ ਏਕਤਾ ਲਈ ਹਰ ਸੰਭਵ ਯਤਨ ਕੀਤਾ ਜਾਵੇਗਾ। ਉਨ੍ਹਾਂ ਕਿਹਾ ਕਿ ਸੰਗਤਾਂ ਦੀ ਭਾਵਨਾ ਦਾ ਪੂਰਾ ਸਤਿਕਾਰ ਕੀਤਾ ਜਾਵੇਗਾ ਅਤੇ ਭਰਤੀ ਮੁਹਿੰਮ ਨੂੰ ਅੱਗੇ ਵਧਾਇਆ ਜਾਵੇਗਾ। ਕਮੇਟੀ ਮੈਂਬਰਾਂ ਨੇ ਇਹ ਵੀ ਕਿਹਾ ਕਿ ਸ਼੍ਰੋਮਣੀ ਕਮੇਟੀ ਨੂੰ ਆਪਣਾ ਫਰਜ਼ ਨਿਭਾਉਣਾ ਚਾਹੀਦਾ ਹੈ ਤਾਂ ਜੋ ਪੰਥਕ ਮਸਲਿਆਂ ਦਾ ਹੱਲ ਹੋ ਸਕੇ।
ਡੱਲੇਵਾਲ ਅੱਜ ਖਨੌਰੀ ਮੋਰਚੇ ਤੋਂ ਚੰਡੀਗੜ੍ਹ ...
ਉਨ੍ਹਾਂ ਕਿਹਾ ਕਿ ਕੇਂਦਰ ਸਰਕਾਰ ਨਾਲ ਹੋਣ ਵਾਲੀ ਮੀਟਿੰਗ ਵਿੱਚ ਕਿਸਾਨਾਂ ਦੀਆਂ ਮੰਗਾਂ ਜ਼ੋਰਦਾਰ ਤਰੀਕੇ ਨਾਲ ਰੱਖੀਆਂ ਜਾਣਗੀਆਂ। ਐਮ ਐਸ ਪੀ ਦੀ ਕਾਨੂੰਨੀ ਗਾਰੰਟੀ ਸਮੇਤ ਸਾਰੀਆਂ ਮੰਗਾਂ ਮੰਨੇ ਜਾਣ ਤੱਕ ਸੰਘਰਸ਼ ਜਾਰੀ ਰਹੇਗਾ। ਕਿਸਾਨ ਆਗੂਆਂ ਨੇ ਕਿਹਾ ਕਿ ਮੋਰਚੇ ਵਿੱਚ ਵੱਡੀ ਗਿਣਤੀ ਵਿੱਚ ਕਿਸਾਨ ਪਹੁੰਚ ਰਹੇ ਹਨ ਅਤੇ ਸਰਕਾਰ ਨੂੰ ਜਲਦ ਫੈਸਲਾ ਲੈਣਾ ਚਾਹੀਦਾ ਹੈ।
ਸ਼ਹੀਦ ਭਾਈ ਹਰਦੀਪ ਸਿੰਘ ...
ਇਸ ਮੌਕੇ ਸਿੱਖ ਆਗੂਆਂ ਨੇ ਕਿਹਾ ਕਿ ਸ੍ਰੀ ਅਕਾਲ ਤਖਤ ਸਾਹਿਬ ਵੱਲੋਂ ਬਣਾਈ ਗਈ ਕਮੇਟੀ ਦੀ ਮੀਟਿੰਗ ਵਿੱਚ ਅਹਿਮ ਫੈਸਲੇ ਲਏ ਜਾਣਗੇ ਅਤੇ ਪੰਥ ਦੀ ਏਕਤਾ ਲਈ ਹਰ ਸੰਭਵ ਯਤਨ ਕੀਤਾ ਜਾਵੇਗਾ। ਉਨ੍ਹਾਂ ਕਿਹਾ ਕਿ ਸੰਗਤਾਂ ਦੀ ਭਾਵਨਾ ਦਾ ਪੂਰਾ ਸਤਿਕਾਰ ਕੀਤਾ ਜਾਵੇਗਾ ਅਤੇ ਭਰਤੀ ਮੁਹਿੰਮ ਨੂੰ ਅੱਗੇ ਵਧਾਇਆ ਜਾਵੇਗਾ। ਕਮੇਟੀ ਮੈਂਬਰਾਂ ਨੇ ਇਹ ਵੀ ਕਿਹਾ ਕਿ ਸ਼੍ਰੋਮਣੀ ਕਮੇਟੀ ਨੂੰ ਆਪਣਾ ਫਰਜ਼ ਨਿਭਾਉਣਾ ਚਾਹੀਦਾ ਹੈ ਤਾਂ ਜੋ ਪੰਥਕ ਮਸਲਿਆਂ ਦਾ ਹੱਲ ਹੋ ਸਕੇ।
ਪੰਜਾਬ ਦੀਆਂ 153 ਬਲਾਕ ...
ਮੰਤਰੀ ਮੰਡਲ ਦੀ ਮੀਟਿੰਗ ਵਿੱਚ ਕਈ ਅਹਿਮ ਫੈਸਲੇ ਲਏ ਗਏ ਜਿਨ੍ਹਾਂ ਵਿੱਚ ਨਵੀਆਂ ਭਰਤੀਆਂ ਅਤੇ ਵਿਕਾਸ ਕਾਰਜਾਂ ਲਈ ਫੰਡ ਜਾਰੀ ਕਰਨ ਦਾ ਫੈਸਲਾ ਸ਼ਾਮਲ ਹੈ। ਸਰਕਾਰ ਨੇ ਕਿਹਾ ਕਿ ਲੋਕਾਂ ਦੀ ਭਲਾਈ ਲਈ ਹਰ ਕਦਮ ਚੁੱਕਿਆ ਜਾਵੇਗਾ ਅਤੇ ਪਿੰਡਾਂ ਦੇ ਵਿਕਾਸ ਨੂੰ ਪਹਿਲ ਦਿੱਤੀ ਜਾਵੇਗੀ। ਇਸ ਮੌਕੇ ਸਿੱਖ ਆਗੂਆਂ ਨੇ ਕਿਹਾ ਕਿ ਸ੍ਰੀ ਅਕਾਲ ਤਖਤ ਸਾਹਿਬ ਵੱਲੋਂ ਬਣਾਈ ਗਈ ਕਮੇਟੀ ਦੀ ਮੀਟਿੰਗ ਵਿੱਚ ਅਹਿਮ ਫੈਸਲੇ ਲਏ ਜਾਣਗੇ ਅਤੇ ਪੰਥ ਦੀ ਏਕਤਾ ਲਈ ਹਰ ਸੰਭਵ ਯਤਨ ਕੀਤਾ ਜਾਵੇਗਾ। ਉਨ੍ਹਾਂ ਕਿਹਾ ਕਿ ਸੰਗਤਾਂ ਦੀ ਭਾਵਨਾ ਦਾ ਪੂਰਾ ਸਤਿਕਾਰ ਕੀਤਾ ਜਾਵੇਗਾ ਅਤੇ ਭਰਤੀ ਮੁਹਿੰਮ ਨੂੰ ਅੱਗੇ ਵਧਾਇਆ ਜਾਵੇਗਾ। ਕਮੇਟੀ ਮੈਂਬਰਾਂ ਨੇ ਇਹ ਵੀ ਕਿਹਾ ਕਿ ਸ਼੍ਰੋਮਣੀ ਕਮੇਟੀ ਨੂੰ ਆਪਣਾ ਫਰਜ਼ ਨਿਭਾਉਣਾ ਚਾਹੀਦਾ ਹੈ ਤਾਂ ਜੋ ਪੰਥਕ ਮਸਲਿਆਂ ਦਾ ਹੱਲ ਹੋ ਸਕੇ।
ਅਮਰੀਕਾ ਤੋਂ 150 ਤੋਂ ਵੱਧ ...
ਅਮਰੀਕਾ ਤੋਂ ਡਿਪੋਰਟ ਕੀਤੇ ਗਏ ਭਾਰਤੀਆਂ ਨੂੰ ਲੈ ਕੇ ਜਹਾਜ਼ ਅੰਮ੍ਰਿਤਸਰ ਹਵਾਈ ਅੱਡੇ 'ਤੇ ਪਹੁੰਚੇਗਾ। ਇਨ੍ਹਾਂ ਵਿੱਚ ਪੰਜਾਬ ਦੇ ਕਈ ਨੌਜਵਾਨ ਸ਼ਾਮਲ ਹਨ ਜੋ ਗੈਰ ਕਾਨੂੰਨੀ ਤਰੀਕੇ ਨਾਲ ਅਮਰੀਕਾ ਗਏ ਸਨ। ਸਰਕਾਰ ਨੇ ਏਜੰਟਾਂ ਵਿਰੁੱਧ ਸਖ਼ਤ ਕਾਰਵਾਈ ਕਰਨ ਦੀ ਗੱਲ ਕਹੀ ਹੈ। ਮੰਤਰੀ ਮੰਡਲ ਦੀ ਮੀਟਿੰਗ ਵਿੱਚ ਕਈ ਅਹਿਮ ਫੈਸਲੇ ਲਏ ਗਏ ਜਿਨ੍ਹਾਂ ਵਿੱਚ ਨਵੀਆਂ ਭਰਤੀਆਂ ਅਤੇ ਵਿਕਾਸ ਕਾਰਜਾਂ ਲਈ ਫੰਡ ਜਾਰੀ ਕਰਨ ਦਾ ਫੈਸਲਾ ਸ਼ਾਮਲ ਹੈ। ਸਰਕਾਰ ਨੇ ਕਿਹਾ ਕਿ ਲੋਕਾਂ ਦੀ ਭਲਾਈ ਲਈ ਹਰ ਕਦਮ ਚੁੱਕਿਆ ਜਾਵੇਗਾ ਅਤੇ ਪਿੰਡਾਂ ਦੇ ਵਿਕਾਸ ਨੂੰ ਪਹਿਲ ਦਿੱਤੀ ਜਾਵੇਗੀ।
ਗਿਆਨੀ ਹਰਪ੍ਰੀਤ ਸਿੰਘ ਨੇ ਕੀਤਾ ...
ਇਸ ਮੌਕੇ ਸਿੱਖ ਆਗੂਆਂ ਨੇ ਕਿਹਾ ਕਿ ਸ੍ਰੀ ਅਕਾਲ ਤਖਤ ਸਾਹਿਬ ਵੱਲੋਂ ਬਣਾਈ ਗਈ ਕਮੇਟੀ ਦੀ ਮੀਟਿੰਗ ਵਿੱਚ ਅਹਿਮ ਫੈਸਲੇ ਲਏ ਜਾਣਗੇ ਅਤੇ ਪੰਥ ਦੀ ਏਕਤਾ ਲਈ ਹਰ ਸੰਭਵ ਯਤਨ ਕੀਤਾ ਜਾਵੇਗਾ। ਉਨ੍ਹਾਂ ਕਿਹਾ ਕਿ ਸੰਗਤਾਂ ਦੀ ਭਾਵਨਾ ਦਾ ਪੂਰਾ ਸਤਿਕਾਰ ਕੀਤਾ ਜਾਵੇਗਾ ਅਤੇ ਭਰਤੀ ਮੁਹਿੰਮ ਨੂੰ ਅੱਗੇ ਵਧਾਇਆ ਜਾਵੇਗਾ। ਕਮੇਟੀ ਮੈਂਬਰਾਂ ਨੇ ਇਹ ਵੀ ਕਿਹਾ ਕਿ ਸ਼੍ਰੋਮਣੀ ਕਮੇਟੀ ਨੂੰ ਆਪਣਾ ਫਰਜ਼ ਨਿਭਾਉਣਾ ਚਾਹੀਦਾ ਹੈ ਤਾਂ ਜੋ ਪੰਥਕ ਮਸਲਿਆਂ ਦਾ ਹੱਲ ਹੋ ਸਕੇ। ਉਨ੍ਹਾਂ ਕਿਹਾ ਕਿ ਕੇਂਦਰ ਸਰਕਾਰ ਨਾਲ ਹੋਣ ਵਾਲੀ ਮੀਟਿੰਗ ਵਿੱਚ ਕਿਸਾਨਾਂ ਦੀਆਂ ਮੰਗਾਂ ਜ਼ੋਰਦਾਰ ਤਰੀਕੇ ਨਾਲ ਰੱਖੀਆਂ ਜਾਣਗੀਆਂ। ਐਮ ਐਸ ਪੀ ਦੀ ਕਾਨੂੰਨੀ ਗਾਰੰਟੀ ਸਮੇਤ ਸਾਰੀਆਂ ਮੰਗਾਂ ਮੰਨੇ ਜਾਣ ਤੱਕ ਸੰਘਰਸ਼ ਜਾਰੀ ਰਹੇਗਾ। ਕਿਸਾਨ ਆਗੂਆਂ ਨੇ ਕਿਹਾ ਕਿ ਮੋਰਚੇ ਵਿੱਚ ਵੱਡੀ ਗਿਣਤੀ ਵਿੱਚ ਕਿਸਾਨ ਪਹੁੰਚ ਰਹੇ ਹਨ ਅਤੇ ਸਰਕਾਰ ਨੂੰ ਜਲਦ ਫੈਸਲਾ ਲੈਣਾ ਚਾਹੀਦਾ ਹੈ।
7 ਮੈਂਬਰੀ ਕਮੇਟੀ ਦੀ ਮੀਟਿੰਗ ...
ਇਸ ਮੌਕੇ ਸਿੱਖ ਆਗੂਆਂ ਨੇ ਕਿਹਾ ਕਿ ਸ੍ਰੀ ਅਕਾਲ ਤਖਤ ਸਾਹਿਬ ਵੱਲੋਂ ਬਣਾਈ ਗਈ ਕਮੇਟੀ ਦੀ ਮੀਟਿੰਗ ਵਿੱਚ ਅਹਿਮ ਫੈਸਲੇ ਲਏ ਜਾਣਗੇ ਅਤੇ ਪੰਥ ਦੀ ਏਕਤਾ ਲਈ ਹਰ ਸੰਭਵ ਯਤਨ ਕੀਤਾ ਜਾਵੇਗਾ। ਉਨ੍ਹਾਂ ਕਿਹਾ ਕਿ ਸੰਗਤਾਂ ਦੀ ਭਾਵਨਾ ਦਾ ਪੂਰਾ ਸਤਿਕਾਰ ਕੀਤਾ ਜਾਵੇਗਾ ਅਤੇ ਭਰਤੀ ਮੁਹਿੰਮ ਨੂੰ ਅੱਗੇ ਵਧਾਇਆ ਜਾਵੇਗਾ। ਕਮੇਟੀ ਮੈਂਬਰਾਂ ਨੇ ਇਹ ਵੀ ਕਿਹਾ ਕਿ ਸ਼੍ਰੋਮਣੀ ਕਮੇਟੀ ਨੂੰ ਆਪਣਾ ਫਰਜ਼ ਨਿਭਾਉਣਾ ਚਾਹੀਦਾ ਹੈ ਤਾਂ ਜੋ ਪੰਥਕ ਮਸਲਿਆਂ ਦਾ ਹੱਲ ਹੋ ਸਕੇ। ਮੰਤਰੀ ਮੰਡਲ ਦੀ ਮੀਟਿੰਗ ਵਿੱਚ ਕਈ ਅਹਿਮ ਫੈਸਲੇ ਲਏ ਗਏ ਜਿਨ੍ਹਾਂ ਵਿੱਚ ਨਵੀਆਂ ਭਰਤੀਆਂ ਅਤੇ ਵਿਕਾਸ ਕਾਰਜਾਂ ਲਈ ਫੰਡ ਜਾਰੀ ਕਰਨ ਦਾ ਫੈਸਲਾ ਸ਼ਾਮਲ ਹੈ। ਸਰਕਾਰ ਨੇ ਕਿਹਾ ਕਿ ਲੋਕਾਂ ਦੀ ਭਲਾਈ ਲਈ ਹਰ ਕਦਮ ਚੁੱਕਿਆ ਜਾਵੇਗਾ ਅਤੇ ਪਿੰਡਾਂ ਦੇ ਵਿਕਾਸ ਨੂੰ ਪਹਿਲ ਦਿੱਤੀ ਜਾਵੇਗੀ। ਉਨ੍ਹਾਂ ਕਿਹਾ ਕਿ ਕੇਂਦਰ ਸਰਕਾਰ ਨਾਲ ਹੋਣ ਵਾਲੀ ਮੀਟਿੰਗ ਵਿੱਚ ਕਿਸਾਨਾਂ ਦੀਆਂ ਮੰਗਾਂ ਜ਼ੋਰਦਾਰ ਤਰੀਕੇ ਨਾਲ ਰੱਖੀਆਂ ਜਾਣਗੀਆਂ। ਐਮ ਐਸ ਪੀ ਦੀ ਕਾਨੂੰਨੀ ਗਾਰੰਟੀ ਸਮੇਤ ਸਾਰੀਆਂ ਮੰਗਾਂ ਮੰਨੇ ਜਾਣ ਤੱਕ ਸੰਘਰਸ਼ ਜਾਰੀ ਰਹੇਗਾ। ਕਿਸਾਨ ਆਗੂਆਂ ਨੇ ਕਿਹਾ ਕਿ ਮੋਰਚੇ ਵਿੱਚ ਵੱਡੀ ਗਿਣਤੀ ਵਿੱਚ ਕਿਸਾਨ ਪਹੁੰਚ ਰਹੇ ਹਨ ਅਤੇ ਸਰਕਾਰ ਨੂੰ ਜਲਦ ਫੈਸਲਾ ਲੈਣਾ ਚਾਹੀਦਾ ਹੈ।
Editor, Printer and Publisher Rishabdeep Singh, Printed at: Impression Printing & Packaging (Ltd.) Plot No. 22 Phase-2 industrial Area Panchkula (Haryana) 134109 & Published From 3223, First Floor, Sector-35D, Chandigarh
